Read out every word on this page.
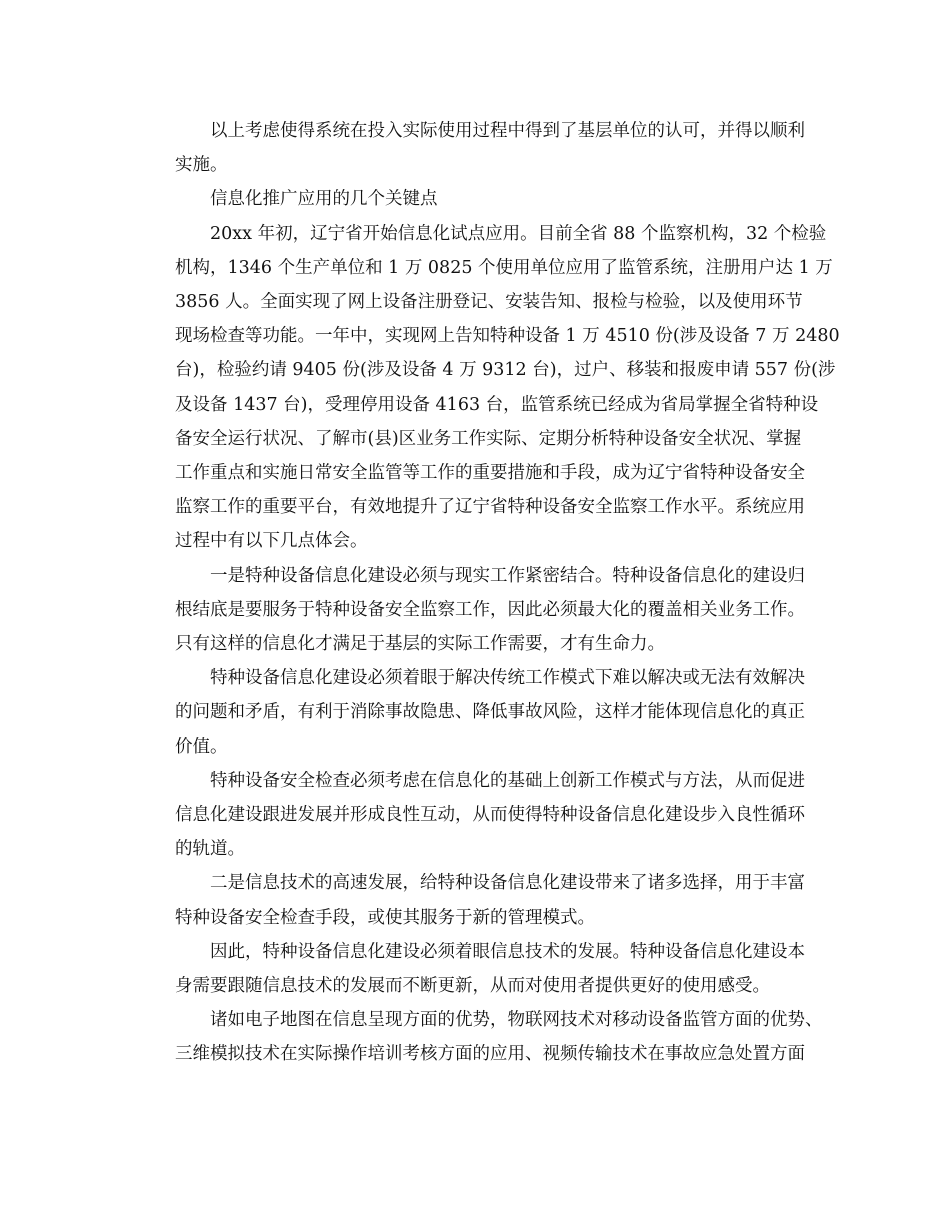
以上考虑使得系统在投入实际使用过程中得到了基层单位的认可，并得以顺利
实施。
信息化推广应用的几个关键点
20xx 年初，辽宁省开始信息化试点应用。目前全省 88 个监察机构，32 个检验
机构，1346 个生产单位和 1 万 0825 个使用单位应用了监管系统，注册用户达 1 万
3856 人。全面实现了网上设备注册登记、安装告知、报检与检验，以及使用环节
现场检查等功能。一年中，实现网上告知特种设备 1 万 4510 份(涉及设备 7 万 2480
台)，检验约请 9405 份(涉及设备 4 万 9312 台)，过户、移装和报废申请 557 份(涉
及设备 1437 台)，受理停用设备 4163 台，监管系统已经成为省局掌握全省特种设
备安全运行状况、了解市(县)区业务工作实际、定期分析特种设备安全状况、掌握
工作重点和实施日常安全监管等工作的重要措施和手段，成为辽宁省特种设备安全
监察工作的重要平台，有效地提升了辽宁省特种设备安全监察工作水平。系统应用
过程中有以下几点体会。
一是特种设备信息化建设必须与现实工作紧密结合。特种设备信息化的建设归
根结底是要服务于特种设备安全监察工作，因此必须最大化的覆盖相关业务工作。
只有这样的信息化才满足于基层的实际工作需要，才有生命力。
特种设备信息化建设必须着眼于解决传统工作模式下难以解决或无法有效解决
的问题和矛盾，有利于消除事故隐患、降低事故风险，这样才能体现信息化的真正
价值。
特种设备安全检查必须考虑在信息化的基础上创新工作模式与方法，从而促进
信息化建设跟进发展并形成良性互动，从而使得特种设备信息化建设步入良性循环
的轨道。
二是信息技术的高速发展，给特种设备信息化建设带来了诸多选择，用于丰富
特种设备安全检查手段，或使其服务于新的管理模式。
因此，特种设备信息化建设必须着眼信息技术的发展。特种设备信息化建设本
身需要跟随信息技术的发展而不断更新，从而对使用者提供更好的使用感受。
诸如电子地图在信息呈现方面的优势，物联网技术对移动设备监管方面的优势、
三维模拟技术在实际操作培训考核方面的应用、视频传输技术在事故应急处置方面
